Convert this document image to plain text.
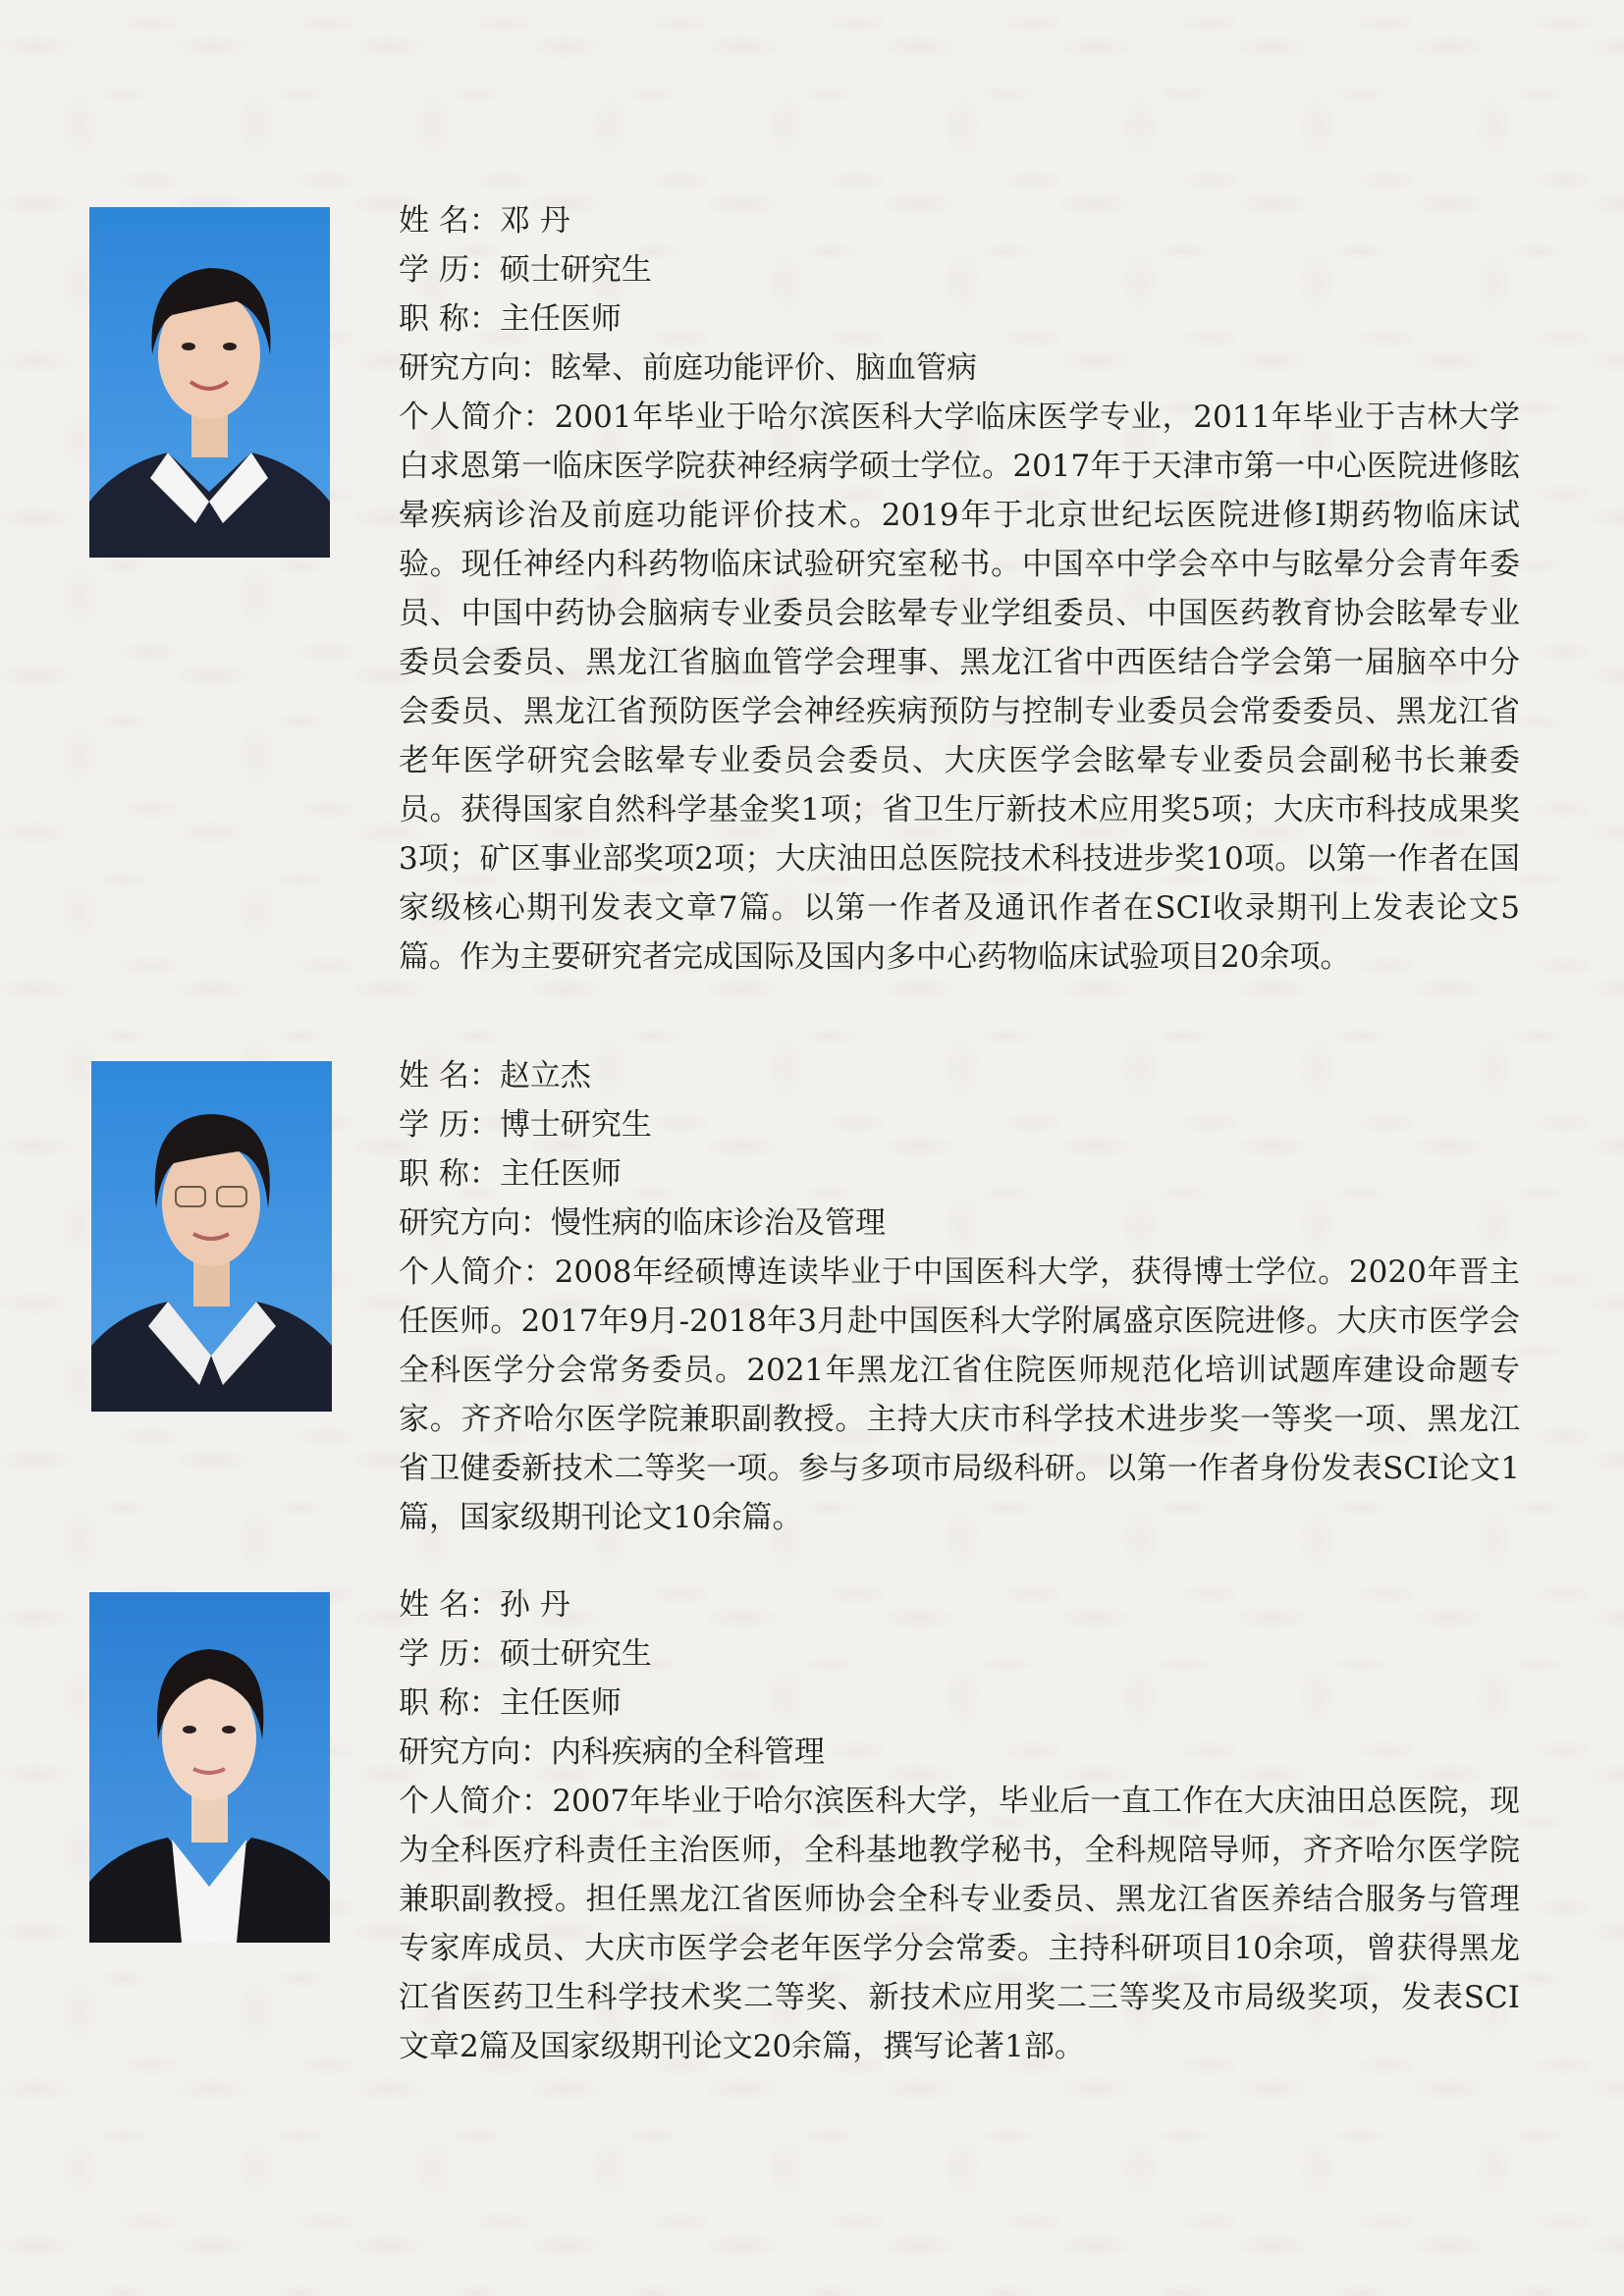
姓 名：邓 丹
学 历：硕士研究生
职 称：主任医师
研究方向：眩晕、前庭功能评价、脑血管病
个人简介：2001年毕业于哈尔滨医科大学临床医学专业，2011年毕业于吉林大学白求恩第一临床医学院获神经病学硕士学位。2017年于天津市第一中心医院进修眩晕疾病诊治及前庭功能评价技术。2019年于北京世纪坛医院进修I期药物临床试验。现任神经内科药物临床试验研究室秘书。中国卒中学会卒中与眩晕分会青年委员、中国中药协会脑病专业委员会眩晕专业学组委员、中国医药教育协会眩晕专业委员会委员、黑龙江省脑血管学会理事、黑龙江省中西医结合学会第一届脑卒中分会委员、黑龙江省预防医学会神经疾病预防与控制专业委员会常委委员、黑龙江省老年医学研究会眩晕专业委员会委员、大庆医学会眩晕专业委员会副秘书长兼委员。获得国家自然科学基金奖1项；省卫生厅新技术应用奖5项；大庆市科技成果奖3项；矿区事业部奖项2项；大庆油田总医院技术科技进步奖10项。以第一作者在国家级核心期刊发表文章7篇。以第一作者及通讯作者在SCI收录期刊上发表论文5篇。作为主要研究者完成国际及国内多中心药物临床试验项目20余项。
姓 名：赵立杰
学 历：博士研究生
职 称：主任医师
研究方向：慢性病的临床诊治及管理
个人简介：2008年经硕博连读毕业于中国医科大学，获得博士学位。2020年晋主任医师。2017年9月-2018年3月赴中国医科大学附属盛京医院进修。大庆市医学会全科医学分会常务委员。2021年黑龙江省住院医师规范化培训试题库建设命题专家。齐齐哈尔医学院兼职副教授。主持大庆市科学技术进步奖一等奖一项、黑龙江省卫健委新技术二等奖一项。参与多项市局级科研。以第一作者身份发表SCI论文1篇，国家级期刊论文10余篇。
姓 名：孙 丹
学 历：硕士研究生
职 称：主任医师
研究方向：内科疾病的全科管理
个人简介：2007年毕业于哈尔滨医科大学，毕业后一直工作在大庆油田总医院，现为全科医疗科责任主治医师，全科基地教学秘书，全科规陪导师，齐齐哈尔医学院兼职副教授。担任黑龙江省医师协会全科专业委员、黑龙江省医养结合服务与管理专家库成员、大庆市医学会老年医学分会常委。主持科研项目10余项，曾获得黑龙江省医药卫生科学技术奖二等奖、新技术应用奖二三等奖及市局级奖项，发表SCI文章2篇及国家级期刊论文20余篇，撰写论著1部。
